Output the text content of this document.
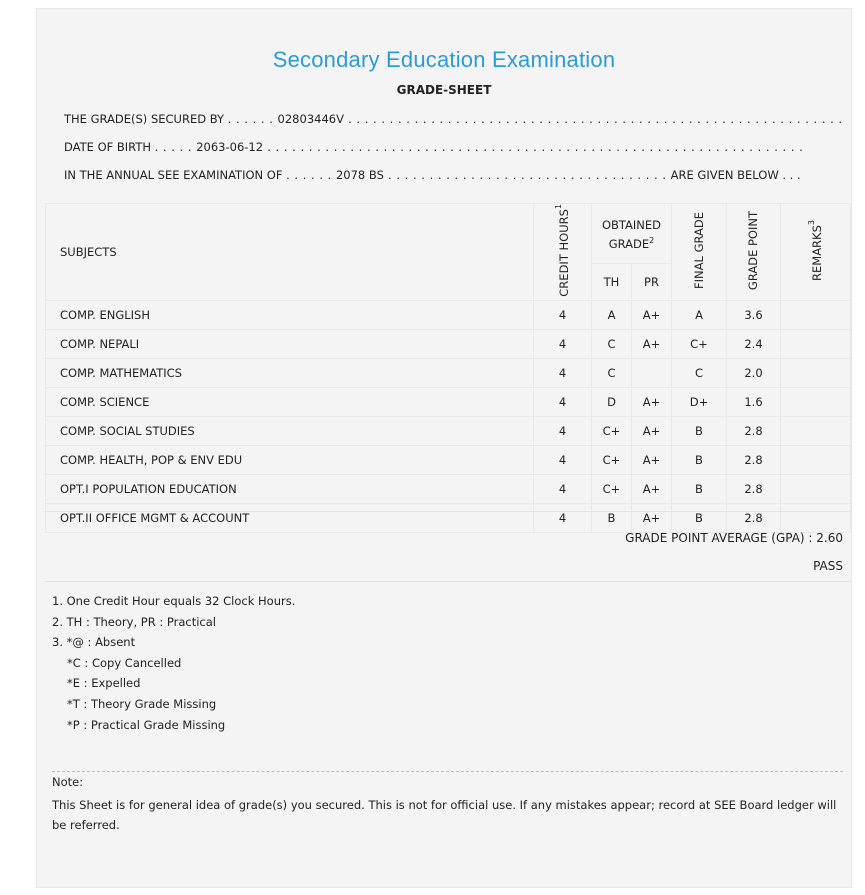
Secondary Education Examination
GRADE-SHEET
THE GRADE(S) SECURED BY . . . . . . 02803446V . . . . . . . . . . . . . . . . . . . . . . . . . . . . . . . . . . . . . . . . . . . . . . . . . . . . . . . . . . . .
DATE OF BIRTH . . . . . 2063-06-12 . . . . . . . . . . . . . . . . . . . . . . . . . . . . . . . . . . . . . . . . . . . . . . . . . . . . . . . . . . . . . . . . .
IN THE ANNUAL SEE EXAMINATION OF . . . . . . 2078 BS . . . . . . . . . . . . . . . . . . . . . . . . . . . . . . . . . . ARE GIVEN BELOW . . .
SUBJECTS	CREDIT HOURS$^1$	OBTAINED GRADE$^2$		FINAL GRADE	GRADE POINT	REMARKS$^3$
		TH	PR			
COMP. ENGLISH	4	A	A+	A	3.6	
COMP. NEPALI	4	C	A+	C+	2.4	
COMP. MATHEMATICS	4	C		C	2.0	
COMP. SCIENCE	4	D	A+	D+	1.6	
COMP. SOCIAL STUDIES	4	C+	A+	B	2.8	
COMP. HEALTH, POP & ENV EDU	4	C+	A+	B	2.8	
OPT.I POPULATION EDUCATION	4	C+	A+	B	2.8	
OPT.II OFFICE MGMT & ACCOUNT	4	B	A+	B	2.8	
GRADE POINT AVERAGE (GPA) : 2.60
PASS
1. One Credit Hour equals 32 Clock Hours.
2. TH : Theory, PR : Practical
3. *@ : Absent
*C : Copy Cancelled
*E : Expelled
*T : Theory Grade Missing
*P : Practical Grade Missing
Note:
This Sheet is for general idea of grade(s) you secured. This is not for official use. If any mistakes appear; record at SEE Board ledger will be referred.
